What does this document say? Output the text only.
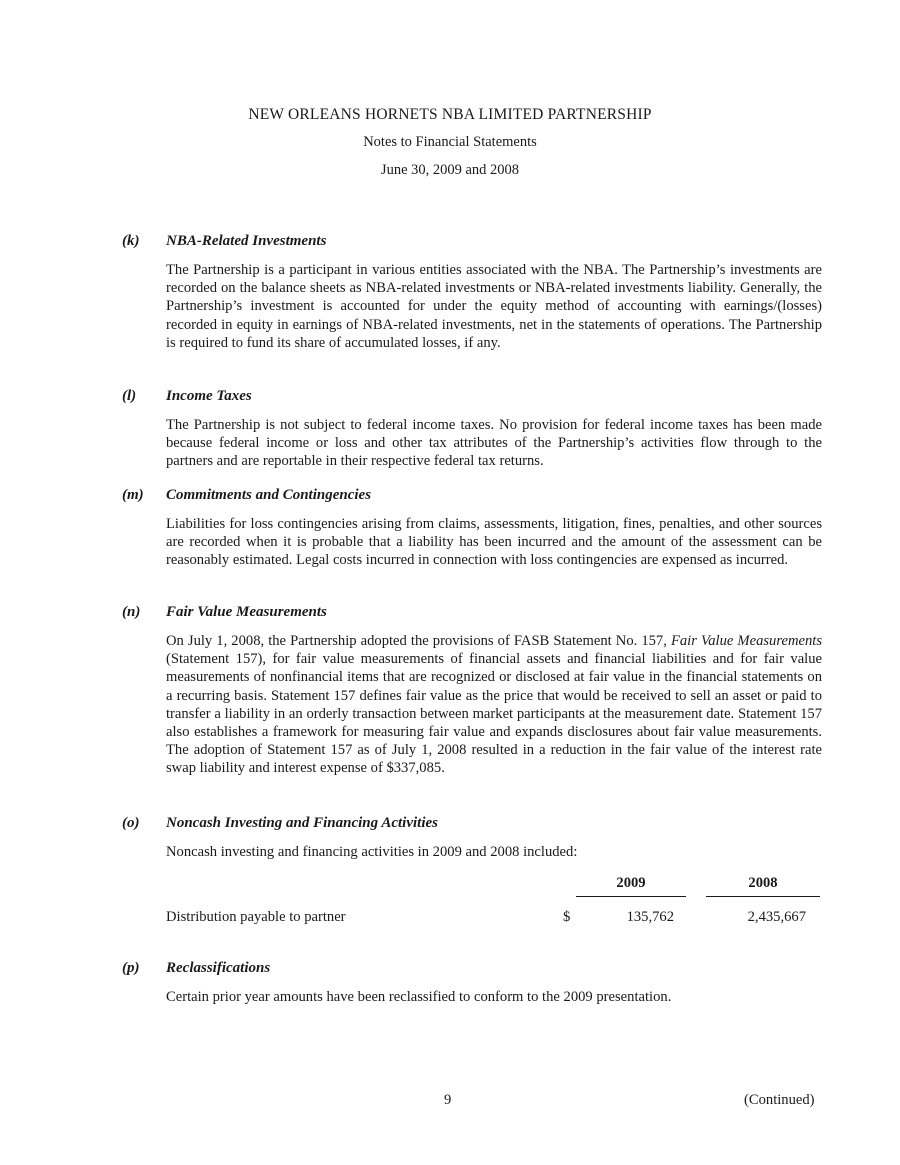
NEW ORLEANS HORNETS NBA LIMITED PARTNERSHIP
Notes to Financial Statements
June 30, 2009 and 2008
(k) NBA-Related Investments

The Partnership is a participant in various entities associated with the NBA. The Partnership’s investments are recorded on the balance sheets as NBA-related investments or NBA-related investments liability. Generally, the Partnership’s investment is accounted for under the equity method of accounting with earnings/(losses) recorded in equity in earnings of NBA-related investments, net in the statements of operations. The Partnership is required to fund its share of accumulated losses, if any.

(l) Income Taxes

The Partnership is not subject to federal income taxes. No provision for federal income taxes has been made because federal income or loss and other tax attributes of the Partnership’s activities flow through to the partners and are reportable in their respective federal tax returns.

(m) Commitments and Contingencies

Liabilities for loss contingencies arising from claims, assessments, litigation, fines, penalties, and other sources are recorded when it is probable that a liability has been incurred and the amount of the assessment can be reasonably estimated. Legal costs incurred in connection with loss contingencies are expensed as incurred.

(n) Fair Value Measurements

On July 1, 2008, the Partnership adopted the provisions of FASB Statement No. 157, Fair Value Measurements (Statement 157), for fair value measurements of financial assets and financial liabilities and for fair value measurements of nonfinancial items that are recognized or disclosed at fair value in the financial statements on a recurring basis. Statement 157 defines fair value as the price that would be received to sell an asset or paid to transfer a liability in an orderly transaction between market participants at the measurement date. Statement 157 also establishes a framework for measuring fair value and expands disclosures about fair value measurements. The adoption of Statement 157 as of July 1, 2008 resulted in a reduction in the fair value of the interest rate swap liability and interest expense of $337,085.

(o) Noncash Investing and Financing Activities

Noncash investing and financing activities in 2009 and 2008 included:

2009	2008
Distribution payable to partner	$	135,762	2,435,667
(p) Reclassifications

Certain prior year amounts have been reclassified to conform to the 2009 presentation.

9	(Continued)
